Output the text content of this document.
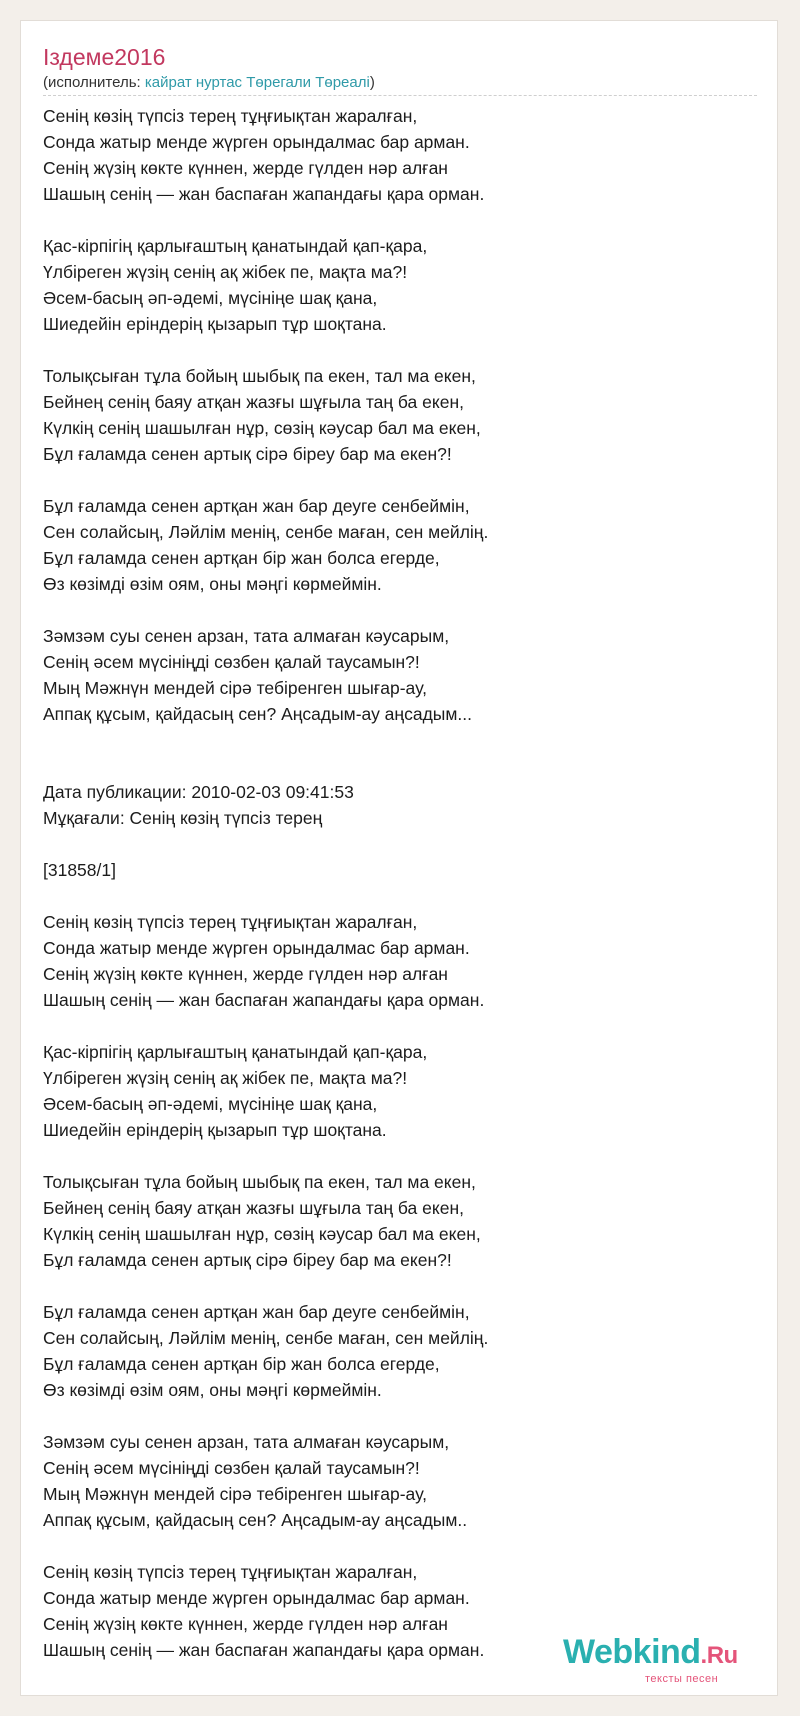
Іздеме2016
(исполнитель: кайрат нуртас Төрегали Төреалі)
Сенің көзің түпсіз терең тұңғиықтан жаралған,
Сонда жатыр менде жүрген орындалмас бар арман.
Сенің жүзің көкте күннен, жерде гүлден нәр алған
Шашың сенің — жан баспаған жапандағы қара орман.
Қас-кірпігің қарлығаштың қанатындай қап-қара,
Үлбіреген жүзің сенің ақ жібек пе, мақта ма?!
Әсем-басың әп-әдемі, мүсініңе шақ қана,
Шиедейін еріндерің қызарып тұр шоқтана.
Толықсыған тұла бойың шыбық па екен, тал ма екен,
Бейнең сенің баяу атқан жазғы шұғыла таң ба екен,
Күлкің сенің шашылған нұр, сөзің кәусар бал ма екен,
Бұл ғаламда сенен артық сірә біреу бар ма екен?!
Бұл ғаламда сенен артқан жан бар деуге сенбеймін,
Сен солайсың, Ләйлім менің, сенбе маған, сен мейлің.
Бұл ғаламда сенен артқан бір жан болса егерде,
Өз көзімді өзім оям, оны мәңгі көрмеймін.
Зәмзәм суы сенен арзан, тата алмаған кәусарым,
Сенің әсем мүсініңді сөзбен қалай таусамын?!
Мың Мәжнүн мендей сірә тебіренген шығар-ау,
Аппақ құсым, қайдасың сен? Аңсадым-ау аңсадым...
Дата публикации: 2010-02-03 09:41:53
Мұқағали: Сенің көзің түпсіз терең
[31858/1]
Сенің көзің түпсіз терең тұңғиықтан жаралған,
Сонда жатыр менде жүрген орындалмас бар арман.
Сенің жүзің көкте күннен, жерде гүлден нәр алған
Шашың сенің — жан баспаған жапандағы қара орман.
Қас-кірпігің қарлығаштың қанатындай қап-қара,
Үлбіреген жүзің сенің ақ жібек пе, мақта ма?!
Әсем-басың әп-әдемі, мүсініңе шақ қана,
Шиедейін еріндерің қызарып тұр шоқтана.
Толықсыған тұла бойың шыбық па екен, тал ма екен,
Бейнең сенің баяу атқан жазғы шұғыла таң ба екен,
Күлкің сенің шашылған нұр, сөзің кәусар бал ма екен,
Бұл ғаламда сенен артық сірә біреу бар ма екен?!
Бұл ғаламда сенен артқан жан бар деуге сенбеймін,
Сен солайсың, Ләйлім менің, сенбе маған, сен мейлің.
Бұл ғаламда сенен артқан бір жан болса егерде,
Өз көзімді өзім оям, оны мәңгі көрмеймін.
Зәмзәм суы сенен арзан, тата алмаған кәусарым,
Сенің әсем мүсініңді сөзбен қалай таусамын?!
Мың Мәжнүн мендей сірә тебіренген шығар-ау,
Аппақ құсым, қайдасың сен? Аңсадым-ау аңсадым..
Сенің көзің түпсіз терең тұңғиықтан жаралған,
Сонда жатыр менде жүрген орындалмас бар арман.
Сенің жүзің көкте күннен, жерде гүлден нәр алған
Шашың сенің — жан баспаған жапандағы қара орман.	Webkind.Ru
тексты песен
